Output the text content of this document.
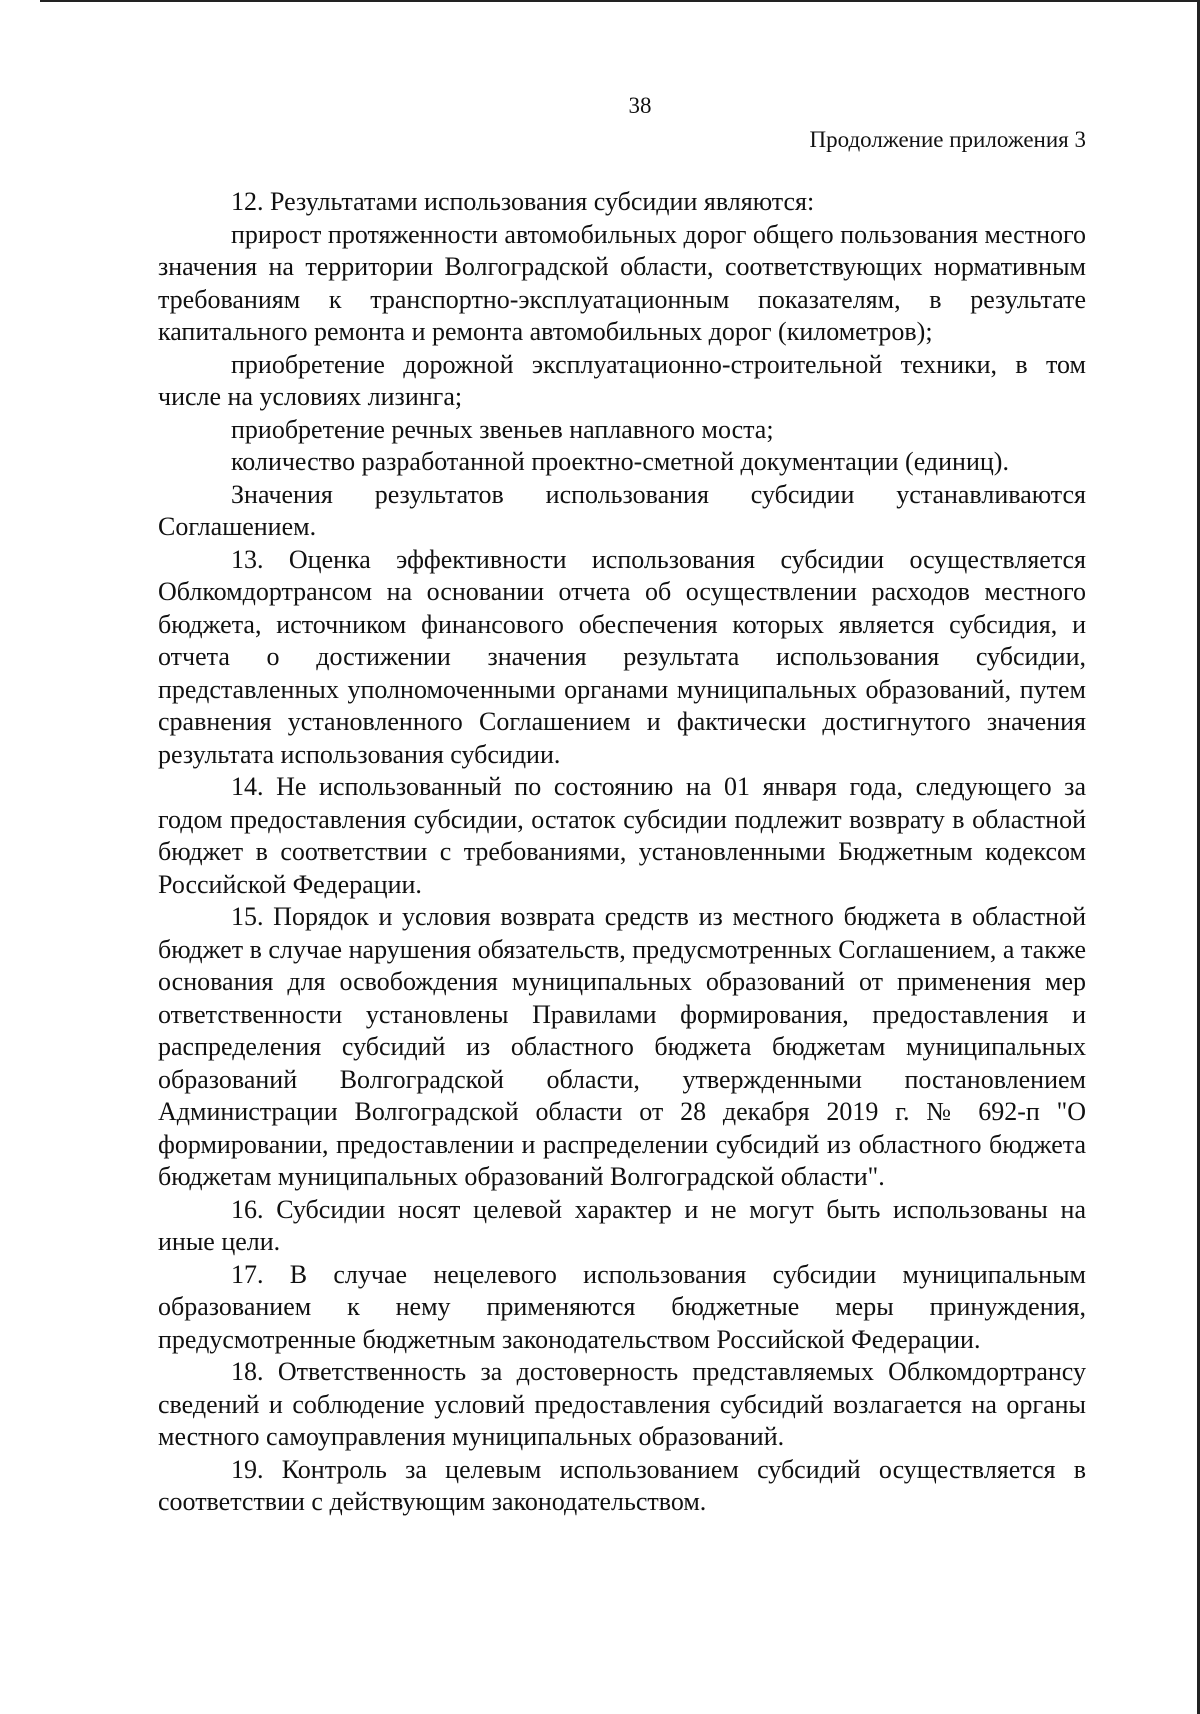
38
Продолжение приложения 3

12. Результатами использования субсидии являются:

прирост протяженности автомобильных дорог общего пользования местного значения на территории Волгоградской области, соответствующих нормативным требованиям к транспортно-эксплуатационным показателям, в результате капитального ремонта и ремонта автомобильных дорог (километров);

приобретение дорожной эксплуатационно-строительной техники, в том числе на условиях лизинга;

приобретение речных звеньев наплавного моста;

количество разработанной проектно-сметной документации (единиц).

Значения результатов использования субсидии устанавливаются Соглашением.

13. Оценка эффективности использования субсидии осуществляется Облкомдортрансом на основании отчета об осуществлении расходов местного бюджета, источником финансового обеспечения которых является субсидия, и отчета о достижении значения результата использования субсидии, представленных уполномоченными органами муниципальных образований, путем сравнения установленного Соглашением и фактически достигнутого значения результата использования субсидии.

14. Не использованный по состоянию на 01 января года, следующего за годом предоставления субсидии, остаток субсидии подлежит возврату в областной бюджет в соответствии с требованиями, установленными Бюджетным кодексом Российской Федерации.

15. Порядок и условия возврата средств из местного бюджета в областной бюджет в случае нарушения обязательств, предусмотренных Соглашением, а также основания для освобождения муниципальных образований от применения мер ответственности установлены Правилами формирования, предоставления и распределения субсидий из областного бюджета бюджетам муниципальных образований Волгоградской области, утвержденными постановлением Администрации Волгоградской области от 28 декабря 2019 г. № 692-п "О формировании, предоставлении и распределении субсидий из областного бюджета бюджетам муниципальных образований Волгоградской области".

16. Субсидии носят целевой характер и не могут быть использованы на иные цели.

17. В случае нецелевого использования субсидии муниципальным образованием к нему применяются бюджетные меры принуждения, предусмотренные бюджетным законодательством Российской Федерации.

18. Ответственность за достоверность представляемых Облкомдортрансу сведений и соблюдение условий предоставления субсидий возлагается на органы местного самоуправления муниципальных образований.

19. Контроль за целевым использованием субсидий осуществляется в соответствии с действующим законодательством.
